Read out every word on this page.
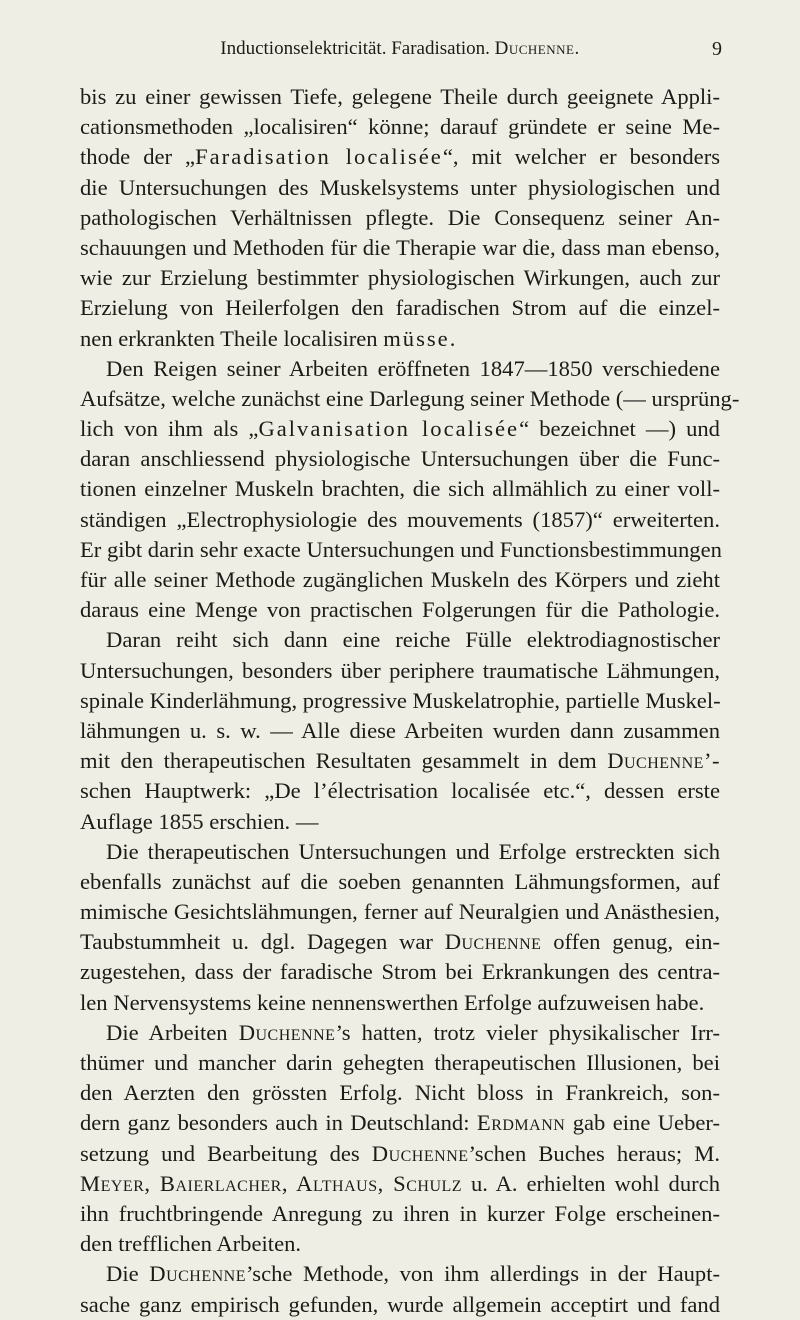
Inductionselektricität. Faradisation. Duchenne.	9
bis zu einer gewissen Tiefe, gelegene Theile durch geeignete Appli-
cationsmethoden „localisiren“ könne; darauf gründete er seine Me-
thode der „Faradisation localisée“, mit welcher er besonders
die Untersuchungen des Muskelsystems unter physiologischen und
pathologischen Verhältnissen pflegte. Die Consequenz seiner An-
schauungen und Methoden für die Therapie war die, dass man ebenso,
wie zur Erzielung bestimmter physiologischen Wirkungen, auch zur
Erzielung von Heilerfolgen den faradischen Strom auf die einzel-
nen erkrankten Theile localisiren müsse.
Den Reigen seiner Arbeiten eröffneten 1847—1850 verschiedene
Aufsätze, welche zunächst eine Darlegung seiner Methode (— ursprüng-
lich von ihm als „Galvanisation localisée“ bezeichnet —) und
daran anschliessend physiologische Untersuchungen über die Func-
tionen einzelner Muskeln brachten, die sich allmählich zu einer voll-
ständigen „Electrophysiologie des mouvements (1857)“ erweiterten.
Er gibt darin sehr exacte Untersuchungen und Functionsbestimmungen
für alle seiner Methode zugänglichen Muskeln des Körpers und zieht
daraus eine Menge von practischen Folgerungen für die Pathologie.
Daran reiht sich dann eine reiche Fülle elektrodiagnostischer
Untersuchungen, besonders über periphere traumatische Lähmungen,
spinale Kinderlähmung, progressive Muskelatrophie, partielle Muskel-
lähmungen u. s. w. — Alle diese Arbeiten wurden dann zusammen
mit den therapeutischen Resultaten gesammelt in dem Duchenne’-
schen Hauptwerk: „De l’électrisation localisée etc.“, dessen erste
Auflage 1855 erschien. —
Die therapeutischen Untersuchungen und Erfolge erstreckten sich
ebenfalls zunächst auf die soeben genannten Lähmungsformen, auf
mimische Gesichtslähmungen, ferner auf Neuralgien und Anästhesien,
Taubstummheit u. dgl. Dagegen war Duchenne offen genug, ein-
zugestehen, dass der faradische Strom bei Erkrankungen des centra-
len Nervensystems keine nennenswerthen Erfolge aufzuweisen habe.
Die Arbeiten Duchenne’s hatten, trotz vieler physikalischer Irr-
thümer und mancher darin gehegten therapeutischen Illusionen, bei
den Aerzten den grössten Erfolg. Nicht bloss in Frankreich, son-
dern ganz besonders auch in Deutschland: Erdmann gab eine Ueber-
setzung und Bearbeitung des Duchenne’schen Buches heraus; M.
Meyer, Baierlacher, Althaus, Schulz u. A. erhielten wohl durch
ihn fruchtbringende Anregung zu ihren in kurzer Folge erscheinen-
den trefflichen Arbeiten.
Die Duchenne’sche Methode, von ihm allerdings in der Haupt-
sache ganz empirisch gefunden, wurde allgemein acceptirt und fand
